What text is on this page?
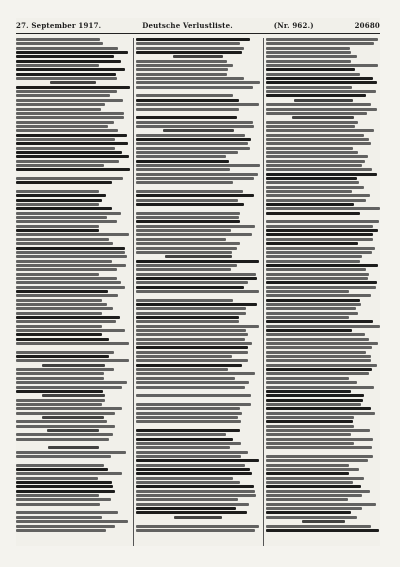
27. September 1917.	Deutsche Verlustliste.	(Nr. 962.)	20680
